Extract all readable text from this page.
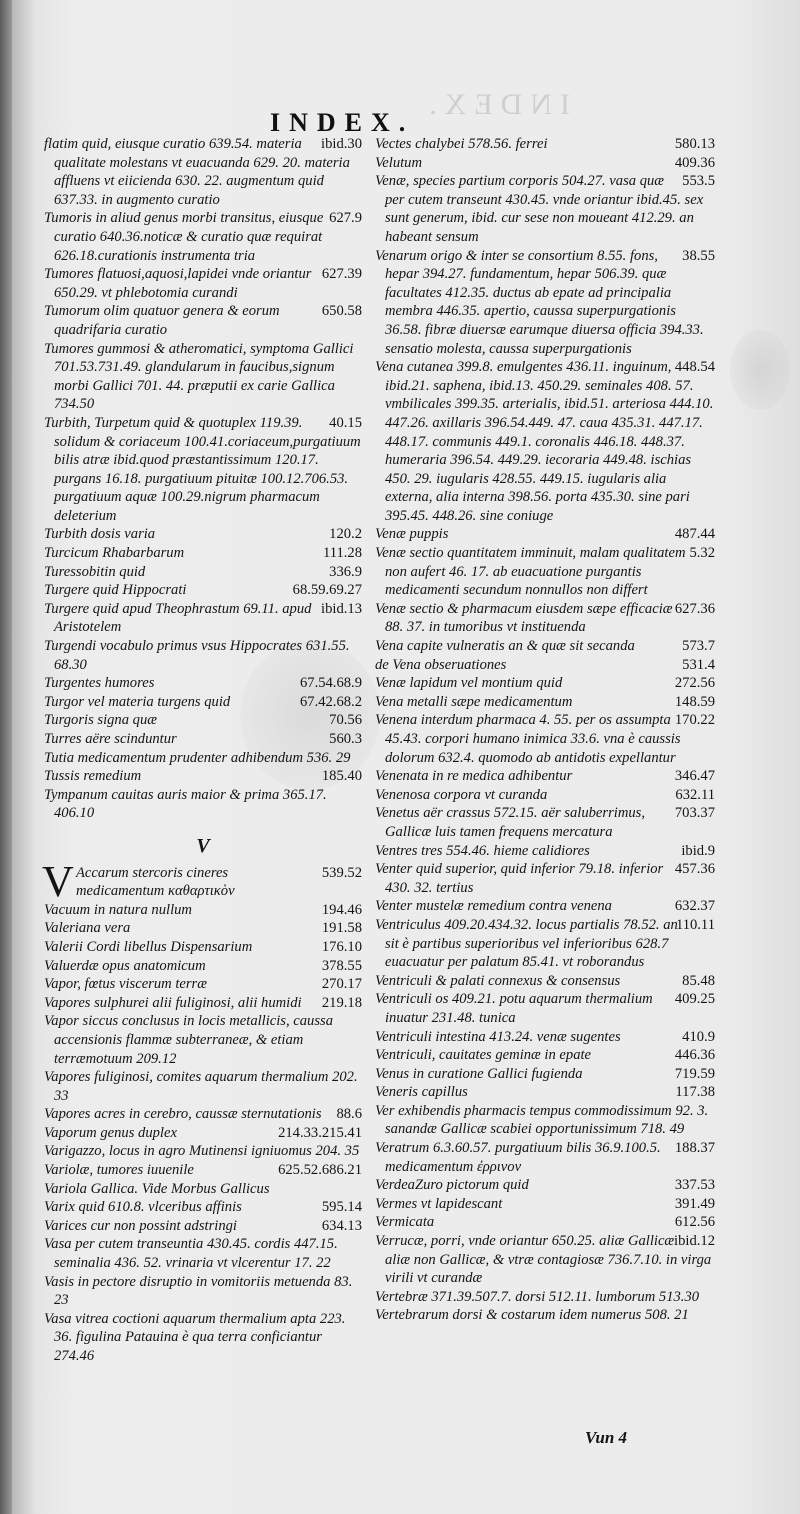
INDEX.
INDEX.

ibid.30
flatim quid, eiusque curatio 639.54. materia qualitate molestans vt euacuanda 629. 20. materia affluens vt eiicienda 630. 22. augmentum quid 637.33. in augmento curatio

627.9
Tumoris in aliud genus morbi transitus, eiusque curatio 640.36.noticæ & curatio quæ requirat 626.18.curationis instrumenta tria

627.39
Tumores flatuosi,aquosi,lapidei vnde oriantur 650.29. vt phlebotomia curandi

650.58
Tumorum olim quatuor genera & eorum quadrifaria curatio

Tumores gummosi & atheromatici, symptoma Gallici 701.53.731.49. glandularum in faucibus,signum morbi Gallici 701. 44. præputii ex carie Gallica 734.50

40.15
Turbith, Turpetum quid & quotuplex 119.39. solidum & coriaceum 100.41.coriaceum,purgatiuum bilis atræ ibid.quod præstantissimum 120.17. purgans 16.18. purgatiuum pituitæ 100.12.706.53. purgatiuum aquæ 100.29.nigrum pharmacum deleterium

120.2
Turbith dosis varia

111.28
Turcicum Rhabarbarum

336.9
Turessobitin quid

68.59.69.27
Turgere quid Hippocrati

ibid.13
Turgere quid apud Theophrastum 69.11. apud Aristotelem

Turgendi vocabulo primus vsus Hippocrates 631.55. 68.30

67.54.68.9
Turgentes humores

67.42.68.2
Turgor vel materia turgens quid

70.56
Turgoris signa quæ

560.3
Turres aëre scinduntur

Tutia medicamentum prudenter adhibendum 536. 29

185.40
Tussis remedium

Tympanum cauitas auris maior & prima 365.17. 406.10

V

V	539.52
Accarum stercoris cineres medicamentum καθαρτικὸν

194.46
Vacuum in natura nullum

191.58
Valeriana vera

176.10
Valerii Cordi libellus Dispensarium

378.55
Valuerdæ opus anatomicum

270.17
Vapor, fœtus viscerum terræ

219.18
Vapores sulphurei alii fuliginosi, alii humidi

Vapor siccus conclusus in locis metallicis, caussa accensionis flammæ subterraneæ, & etiam terræmotuum 209.12

Vapores fuliginosi, comites aquarum thermalium 202. 33

88.6
Vapores acres in cerebro, caussæ sternutationis

214.33.215.41
Vaporum genus duplex

Varigazzo, locus in agro Mutinensi igniuomus 204. 35

625.52.686.21
Variolæ, tumores iuuenile

Variola Gallica. Vide Morbus Gallicus

595.14
Varix quid 610.8. vlceribus affinis

634.13
Varices cur non possint adstringi

Vasa per cutem transeuntia 430.45. cordis 447.15. seminalia 436. 52. vrinaria vt vlcerentur 17. 22

Vasis in pectore disruptio in vomitoriis metuenda 83. 23

Vasa vitrea coctioni aquarum thermalium apta 223. 36. figulina Patauina è qua terra conficiantur 274.46

580.13
Vectes chalybei 578.56. ferrei

409.36
Velutum

553.5
Venæ, species partium corporis 504.27. vasa quæ per cutem transeunt 430.45. vnde oriantur ibid.45. sex sunt generum, ibid. cur sese non moueant 412.29. an habeant sensum

38.55
Venarum origo & inter se consortium 8.55. fons, hepar 394.27. fundamentum, hepar 506.39. quæ facultates 412.35. ductus ab epate ad principalia membra 446.35. apertio, caussa superpurgationis 36.58. fibræ diuersæ earumque diuersa officia 394.33. sensatio molesta, caussa superpurgationis

448.54
Vena cutanea 399.8. emulgentes 436.11. inguinum, ibid.21. saphena, ibid.13. 450.29. seminales 408. 57. vmbilicales 399.35. arterialis, ibid.51. arteriosa 444.10. 447.26. axillaris 396.54.449. 47. caua 435.31. 447.17. 448.17. communis 449.1. coronalis 446.18. 448.37. humeraria 396.54. 449.29. iecoraria 449.48. ischias 450. 29. iugularis 428.55. 449.15. iugularis alia externa, alia interna 398.56. porta 435.30. sine pari 395.45. 448.26. sine coniuge

487.44
Venæ puppis

5.32
Venæ sectio quantitatem imminuit, malam qualitatem non aufert 46. 17. ab euacuatione purgantis medicamenti secundum nonnullos non differt

627.36
Venæ sectio & pharmacum eiusdem sæpe efficaciæ 88. 37. in tumoribus vt instituenda

573.7
Vena capite vulneratis an & quæ sit secanda

531.4
de Vena obseruationes

272.56
Venæ lapidum vel montium quid

148.59
Vena metalli sæpe medicamentum

170.22
Venena interdum pharmaca 4. 55. per os assumpta 45.43. corpori humano inimica 33.6. vna è caussis dolorum 632.4. quomodo ab antidotis expellantur

346.47
Venenata in re medica adhibentur

632.11
Venenosa corpora vt curanda

703.37
Venetus aër crassus 572.15. aër saluberrimus, Gallicæ luis tamen frequens mercatura

ibid.9
Ventres tres 554.46. hieme calidiores

457.36
Venter quid superior, quid inferior 79.18. inferior 430. 32. tertius

632.37
Venter mustelæ remedium contra venena

110.11
Ventriculus 409.20.434.32. locus partialis 78.52. an sit è partibus superioribus vel inferioribus 628.7 euacuatur per palatum 85.41. vt roborandus

85.48
Ventriculi & palati connexus & consensus

409.25
Ventriculi os 409.21. potu aquarum thermalium inuatur 231.48. tunica

410.9
Ventriculi intestina 413.24. venæ sugentes

446.36
Ventriculi, cauitates geminæ in epate

719.59
Venus in curatione Gallici fugienda

117.38
Veneris capillus

Ver exhibendis pharmacis tempus commodissimum 92. 3. sanandæ Gallicæ scabiei opportunissimum 718. 49

188.37
Veratrum 6.3.60.57. purgatiuum bilis 36.9.100.5. medicamentum ἐρρινον

337.53
VerdeaZuro pictorum quid

391.49
Vermes vt lapidescant

612.56
Vermicata

ibid.12
Verrucæ, porri, vnde oriantur 650.25. aliæ Gallicæ aliæ non Gallicæ, & vtræ contagiosæ 736.7.10. in virga virili vt curandæ

Vertebræ 371.39.507.7. dorsi 512.11. lumborum 513.30

Vertebrarum dorsi & costarum idem numerus 508. 21

Vun 4
